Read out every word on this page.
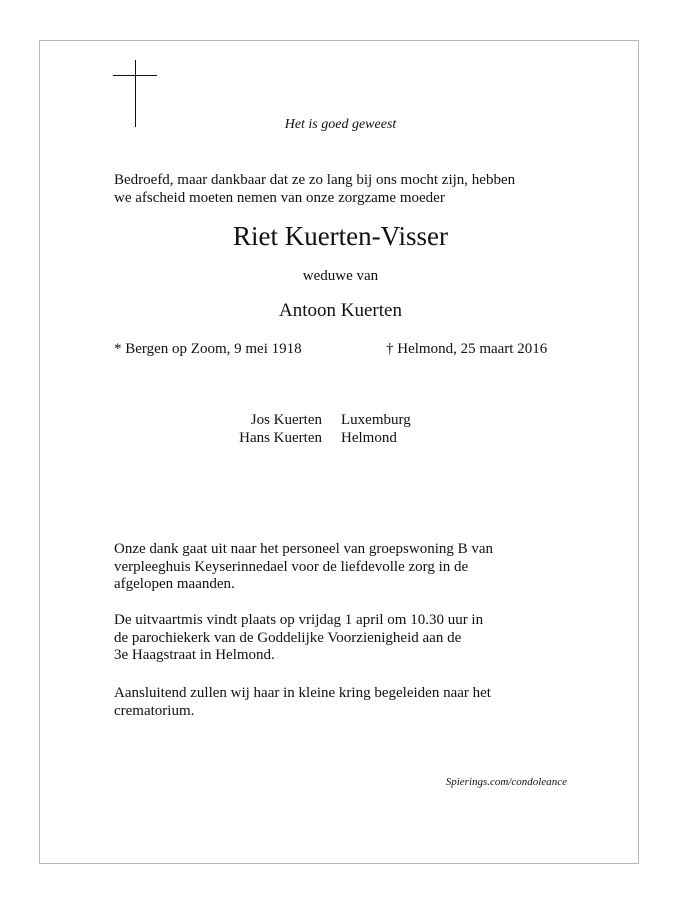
Het is goed geweest
Bedroefd, maar dankbaar dat ze zo lang bij ons mocht zijn, hebben
we afscheid moeten nemen van onze zorgzame moeder
Riet Kuerten-Visser
weduwe van
Antoon Kuerten
* Bergen op Zoom, 9 mei 1918	† Helmond, 25 maart 2016
Jos Kuerten Luxemburg
Hans Kuerten Helmond
Onze dank gaat uit naar het personeel van groepswoning B van
verpleeghuis Keyserinnedael voor de liefdevolle zorg in de
afgelopen maanden.
De uitvaartmis vindt plaats op vrijdag 1 april om 10.30 uur in
de parochiekerk van de Goddelijke Voorzienigheid aan de
3e Haagstraat in Helmond.
Aansluitend zullen wij haar in kleine kring begeleiden naar het
crematorium.
Spierings.com/condoleance
